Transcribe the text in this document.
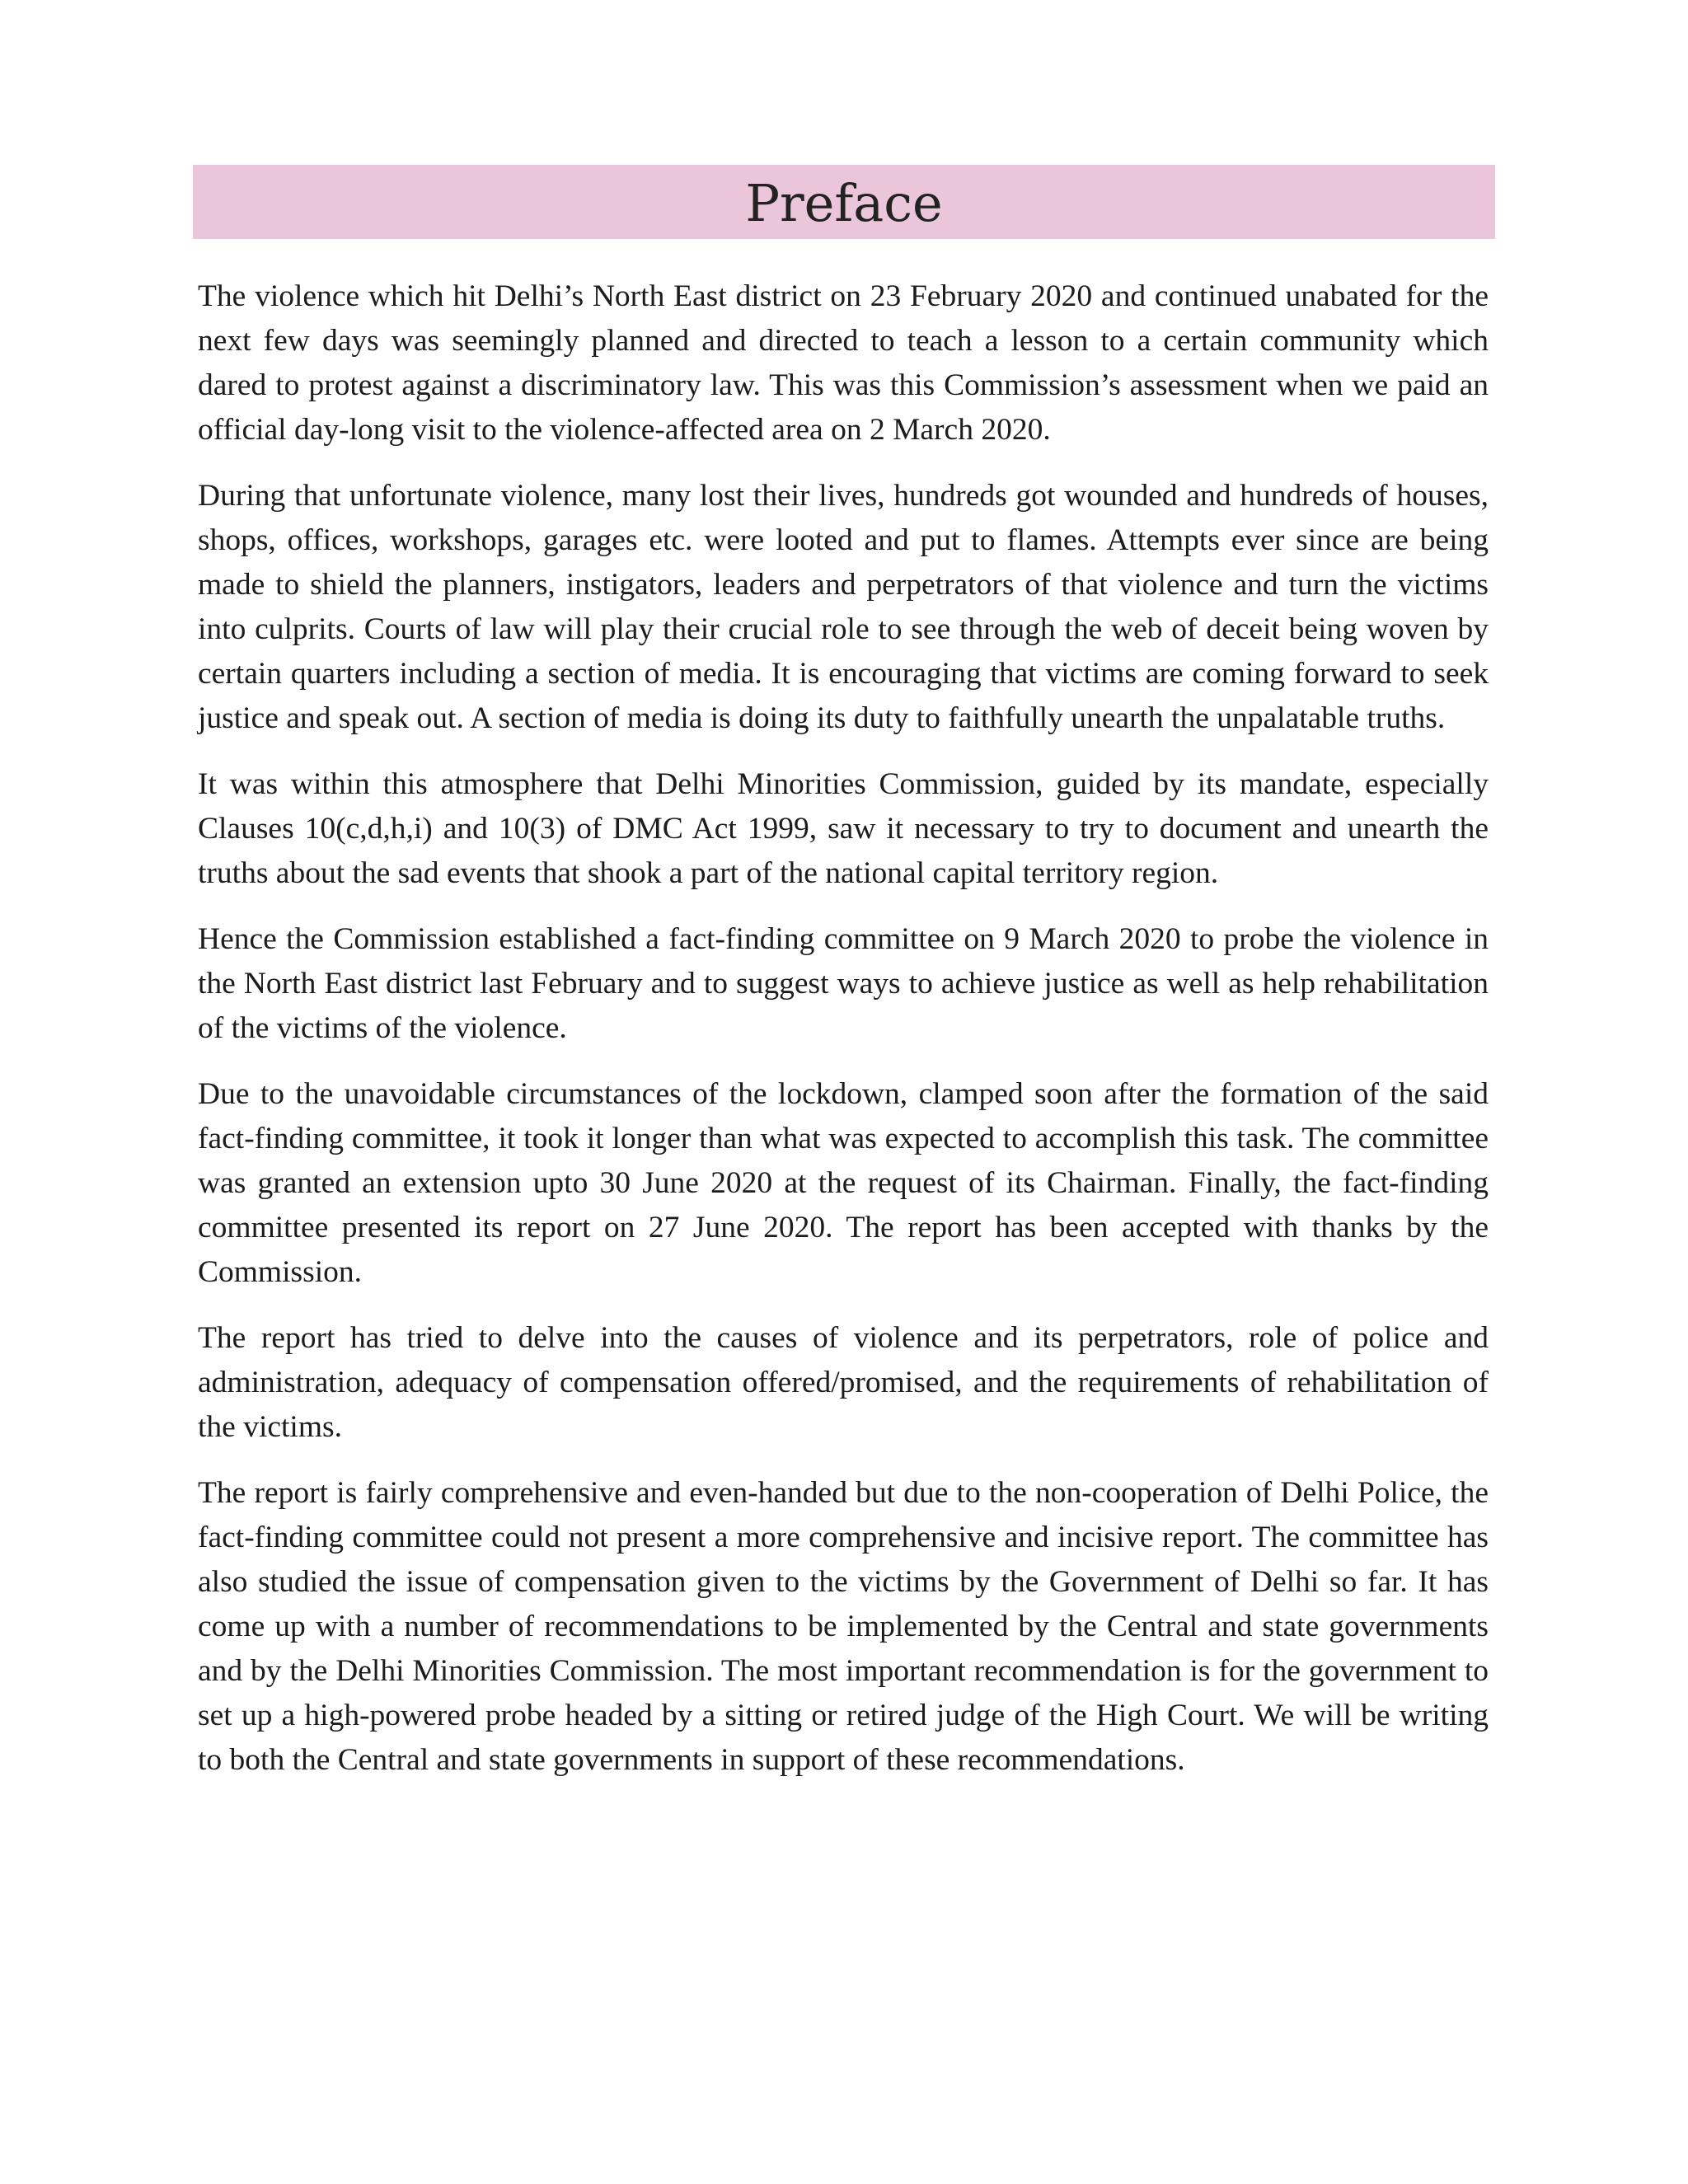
Preface

The violence which hit Delhi’s North East district on 23 February 2020 and continued unabated for the next few days was seemingly planned and directed to teach a lesson to a certain community which dared to protest against a discriminatory law. This was this Commission’s assessment when we paid an official day-long visit to the violence-affected area on 2 March 2020.

During that unfortunate violence, many lost their lives, hundreds got wounded and hundreds of houses, shops, offices, workshops, garages etc. were looted and put to flames. Attempts ever since are being made to shield the planners, instigators, leaders and perpetrators of that violence and turn the victims into culprits. Courts of law will play their crucial role to see through the web of deceit being woven by certain quarters including a section of media. It is encouraging that victims are coming forward to seek justice and speak out. A section of media is doing its duty to faithfully unearth the unpalatable truths.

It was within this atmosphere that Delhi Minorities Commission, guided by its mandate, especially Clauses 10(c,d,h,i) and 10(3) of DMC Act 1999, saw it necessary to try to document and unearth the truths about the sad events that shook a part of the national capital territory region.

Hence the Commission established a fact-finding committee on 9 March 2020 to probe the violence in the North East district last February and to suggest ways to achieve justice as well as help rehabilitation of the victims of the violence.

Due to the unavoidable circumstances of the lockdown, clamped soon after the formation of the said fact-finding committee, it took it longer than what was expected to accomplish this task. The committee was granted an extension upto 30 June 2020 at the request of its Chairman. Finally, the fact-finding committee presented its report on 27 June 2020. The report has been accepted with thanks by the Commission.

The report has tried to delve into the causes of violence and its perpetrators, role of police and administration, adequacy of compensation offered/promised, and the requirements of rehabilitation of the victims.

The report is fairly comprehensive and even-handed but due to the non-cooperation of Delhi Police, the fact-finding committee could not present a more comprehensive and incisive report. The committee has also studied the issue of compensation given to the victims by the Government of Delhi so far. It has come up with a number of recommendations to be implemented by the Central and state governments and by the Delhi Minorities Commission. The most important recommendation is for the government to set up a high-powered probe headed by a sitting or retired judge of the High Court. We will be writing to both the Central and state governments in support of these recommendations.
